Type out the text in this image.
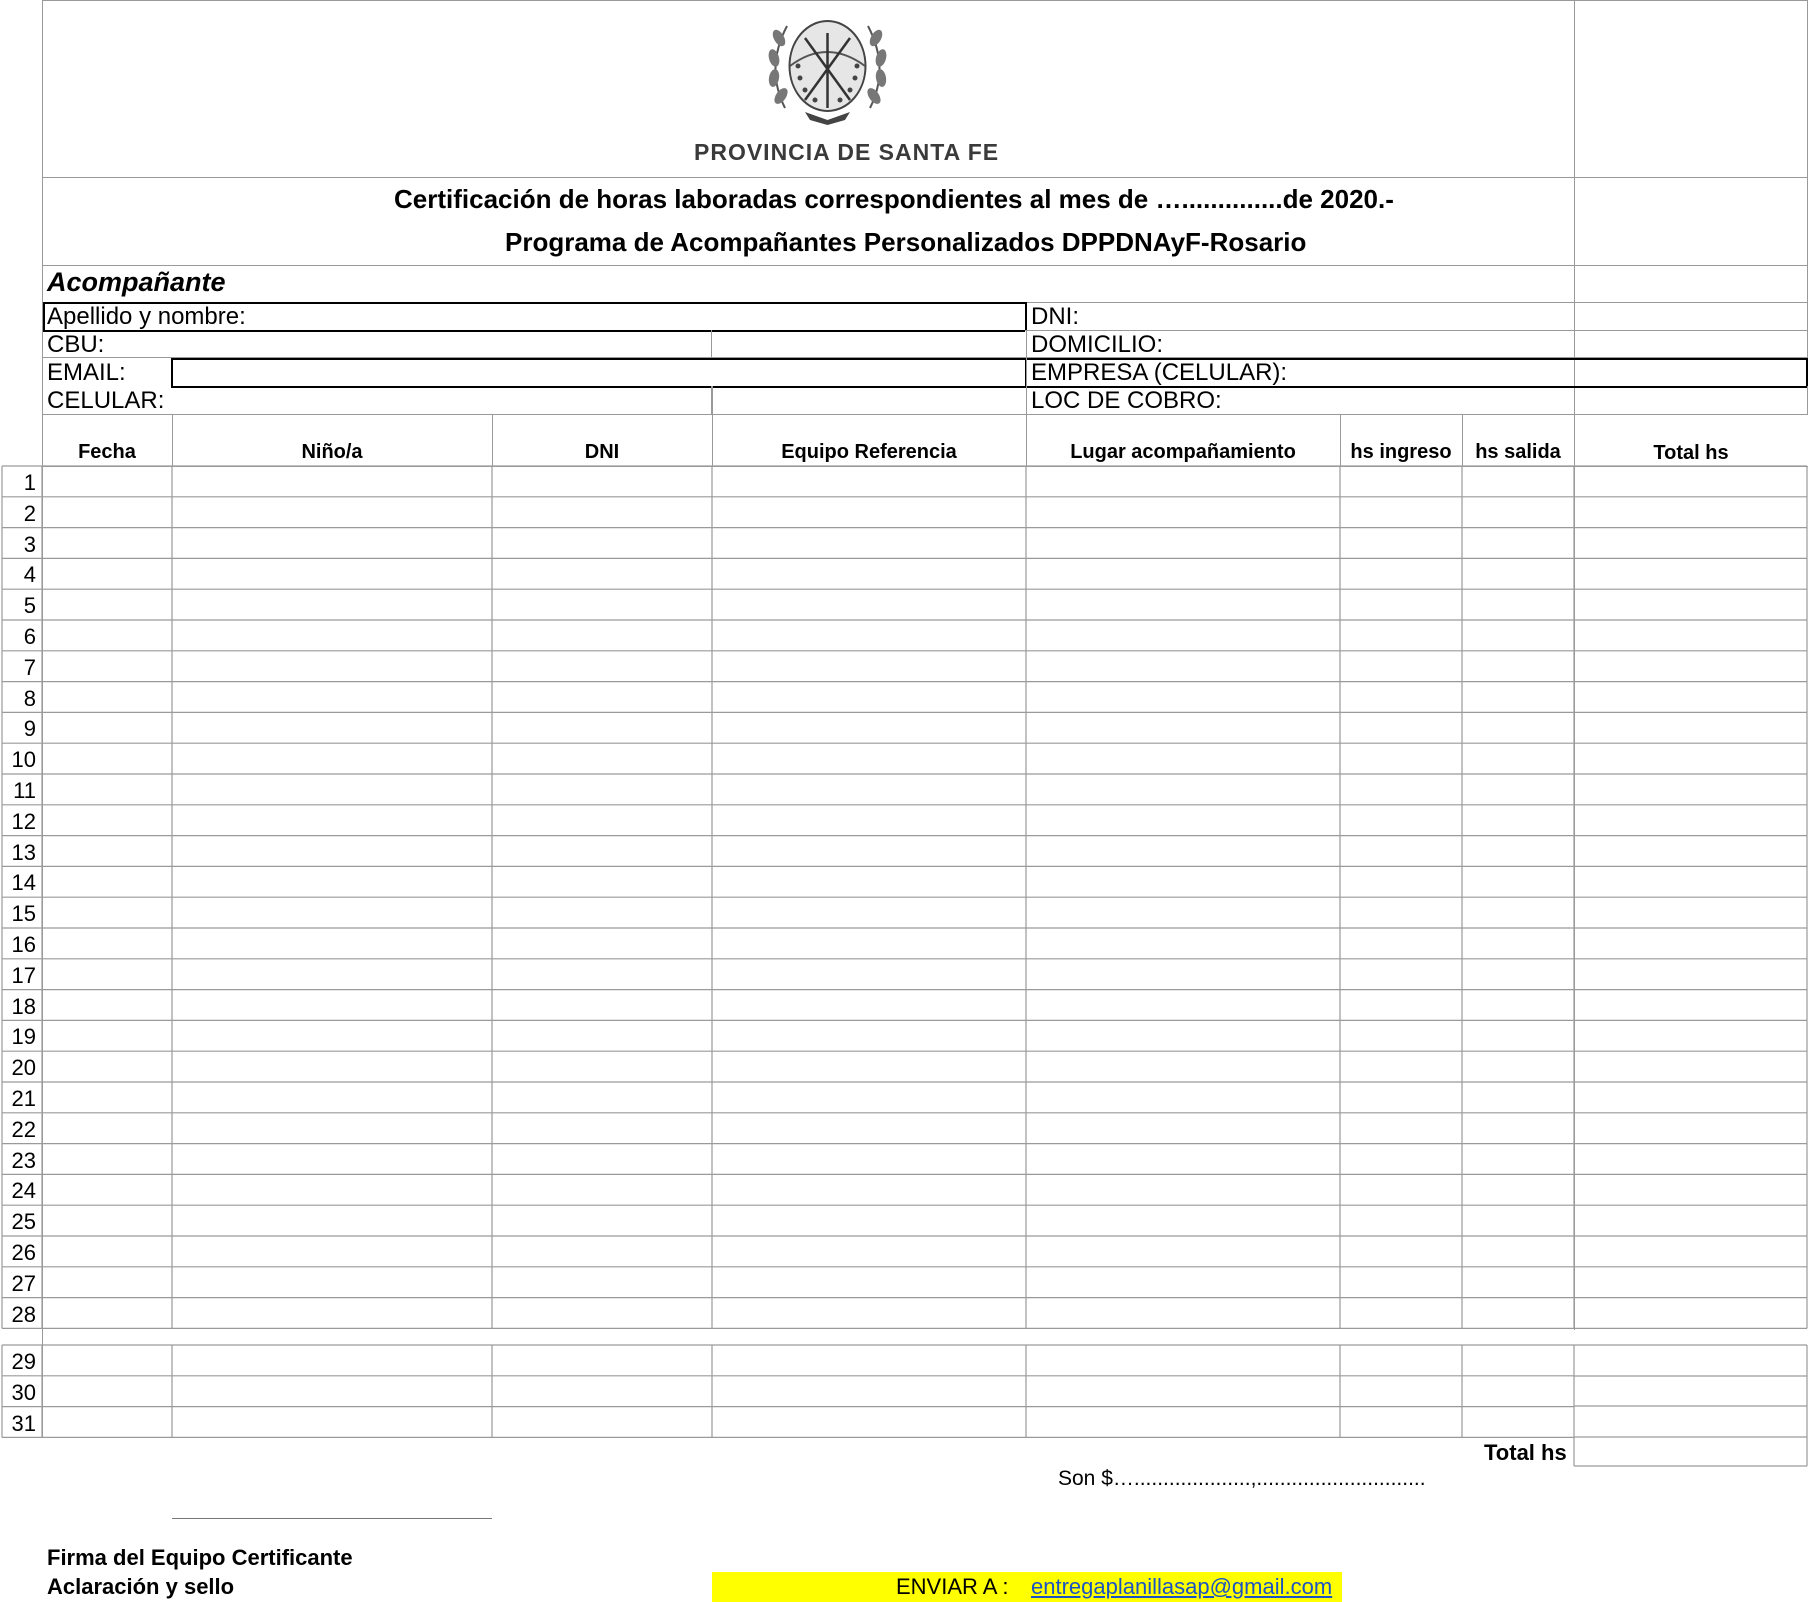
PROVINCIA DE SANTA FE
Certificación de horas laboradas correspondientes al mes de …..............de 2020.-
Programa de Acompañantes Personalizados DPPDNAyF-Rosario
Acompañante
Apellido y nombre:	DNI:
CBU:	DOMICILIO:
EMAIL:	EMPRESA (CELULAR):
CELULAR:	LOC DE COBRO:
Fecha	Niño/a	DNI	Equipo Referencia	Lugar acompañamiento	hs ingreso	hs salida	Total hs
1
2
3
4
5
6
7
8
9
10
11
12
13
14
15
16
17
18
19
20
21
22
23
24
25
26
27
28
29
30
31
Total hs
Son $…....................,.............................
Firma del Equipo Certificante
Aclaración y sello	ENVIAR A : entregaplanillasap@gmail.com
